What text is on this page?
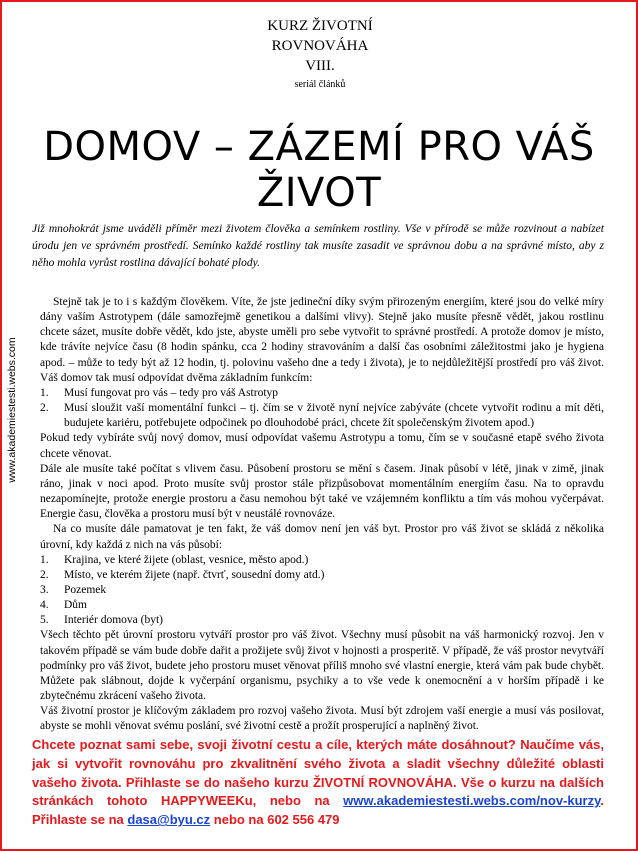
KURZ ŽIVOTNÍ
ROVNOVÁHA
VIII.
seriál článků
DOMOV – ZÁZEMÍ PRO VÁŠ
ŽIVOT
Již mnohokrát jsme uváděli příměr mezi životem člověka a semínkem rostliny. Vše v přírodě se může rozvinout a nabízet úrodu jen ve správném prostředí. Semínko každé rostliny tak musíte zasadit ve správnou dobu a na správné místo, aby z něho mohla vyrůst rostlina dávající bohaté plody.
www.akademiestesti.webs.com

Stejně tak je to i s každým člověkem. Víte, že jste jedineční díky svým přirozeným energiím, které jsou do velké míry dány vaším Astrotypem (dále samozřejmě genetikou a dalšími vlivy). Stejně jako musíte přesně vědět, jakou rostlinu chcete sázet, musíte dobře vědět, kdo jste, abyste uměli pro sebe vytvořit to správné prostředí. A protože domov je místo, kde trávíte nejvíce času (8 hodin spánku, cca 2 hodiny stravováním a další čas osobními záležitostmi jako je hygiena apod. – může to tedy být až 12 hodin, tj. polovinu vašeho dne a tedy i života), je to nejdůležitější prostředí pro váš život. Váš domov tak musí odpovídat dvěma základním funkcím:

1. Musí fungovat pro vás – tedy pro váš Astrotyp
2. Musí sloužit vaší momentální funkci – tj. čím se v životě nyní nejvíce zabýváte (chcete vytvořit rodinu a mít děti, budujete kariéru, potřebujete odpočinek po dlouhodobé práci, chcete žít společenským životem apod.)

Pokud tedy vybíráte svůj nový domov, musí odpovídat vašemu Astrotypu a tomu, čím se v současné etapě svého života chcete věnovat.

Dále ale musíte také počítat s vlivem času. Působení prostoru se mění s časem. Jinak působí v létě, jinak v zimě, jinak ráno, jinak v noci apod. Proto musíte svůj prostor stále přizpůsobovat momentálním energiím času. Na to opravdu nezapomínejte, protože energie prostoru a času nemohou být také ve vzájemném konfliktu a tím vás mohou vyčerpávat. Energie času, člověka a prostoru musí být v neustálé rovnováze.

Na co musíte dále pamatovat je ten fakt, že váš domov není jen váš byt. Prostor pro váš život se skládá z několika úrovní, kdy každá z nich na vás působí:

1. Krajina, ve které žijete (oblast, vesnice, město apod.)
2. Místo, ve kterém žijete (např. čtvrť, sousední domy atd.)
3. Pozemek
4. Dům
5. Interiér domova (byt)

Všech těchto pět úrovní prostoru vytváří prostor pro váš život. Všechny musí působit na váš harmonický rozvoj. Jen v takovém případě se vám bude dobře dařit a prožijete svůj život v hojnosti a prosperitě. V případě, že váš prostor nevytváří podmínky pro váš život, budete jeho prostoru muset věnovat příliš mnoho své vlastní energie, která vám pak bude chybět. Můžete pak slábnout, dojde k vyčerpání organismu, psychiky a to vše vede k onemocnění a v horším případě i ke zbytečnému zkrácení vašeho života.

Váš životní prostor je klíčovým základem pro rozvoj vašeho života. Musí být zdrojem vaší energie a musí vás posilovat, abyste se mohli věnovat svému poslání, své životní cestě a prožít prosperující a naplněný život.

Chcete poznat sami sebe, svoji životní cestu a cíle, kterých máte dosáhnout? Naučíme vás, jak si vytvořit rovnováhu pro zkvalitnění svého života a sladit všechny důležité oblasti vašeho života. Přihlaste se do našeho kurzu ŽIVOTNÍ ROVNOVÁHA. Vše o kurzu na dalších stránkách tohoto HAPPYWEEKu, nebo na www.akademiestesti.webs.com/nov-kurzy. Přihlaste se na dasa@byu.cz nebo na 602 556 479
